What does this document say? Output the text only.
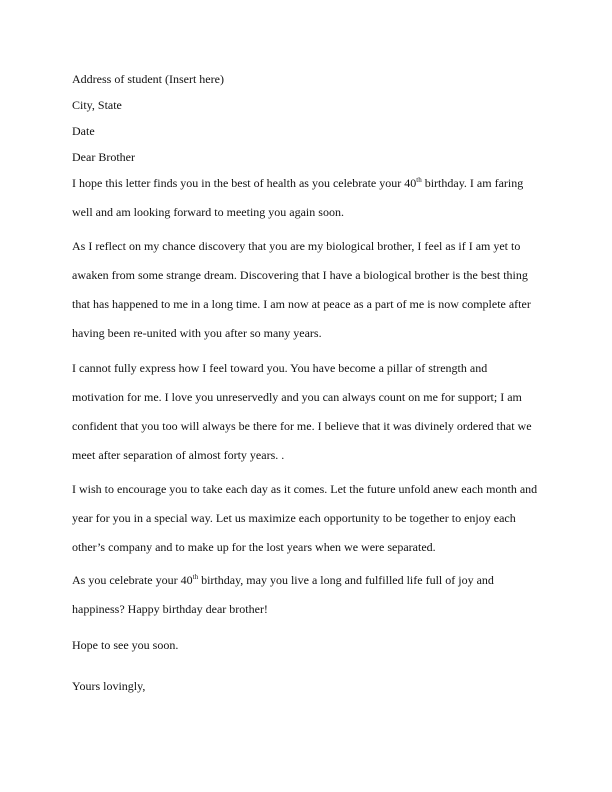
Address of student (Insert here)
City, State
Date
Dear Brother
I hope this letter finds you in the best of health as you celebrate your 40th birthday. I am faring well and am looking forward to meeting you again soon.
As I reflect on my chance discovery that you are my biological brother, I feel as if I am yet to awaken from some strange dream. Discovering that I have a biological brother is the best thing that has happened to me in a long time. I am now at peace as a part of me is now complete after having been re-united with you after so many years.
I cannot fully express how I feel toward you. You have become a pillar of strength and motivation for me. I love you unreservedly and you can always count on me for support; I am confident that you too will always be there for me. I believe that it was divinely ordered that we meet after separation of almost forty years. .
I wish to encourage you to take each day as it comes. Let the future unfold anew each month and year for you in a special way. Let us maximize each opportunity to be together to enjoy each other’s company and to make up for the lost years when we were separated.
As you celebrate your 40th birthday, may you live a long and fulfilled life full of joy and happiness? Happy birthday dear brother!
Hope to see you soon.
Yours lovingly,
